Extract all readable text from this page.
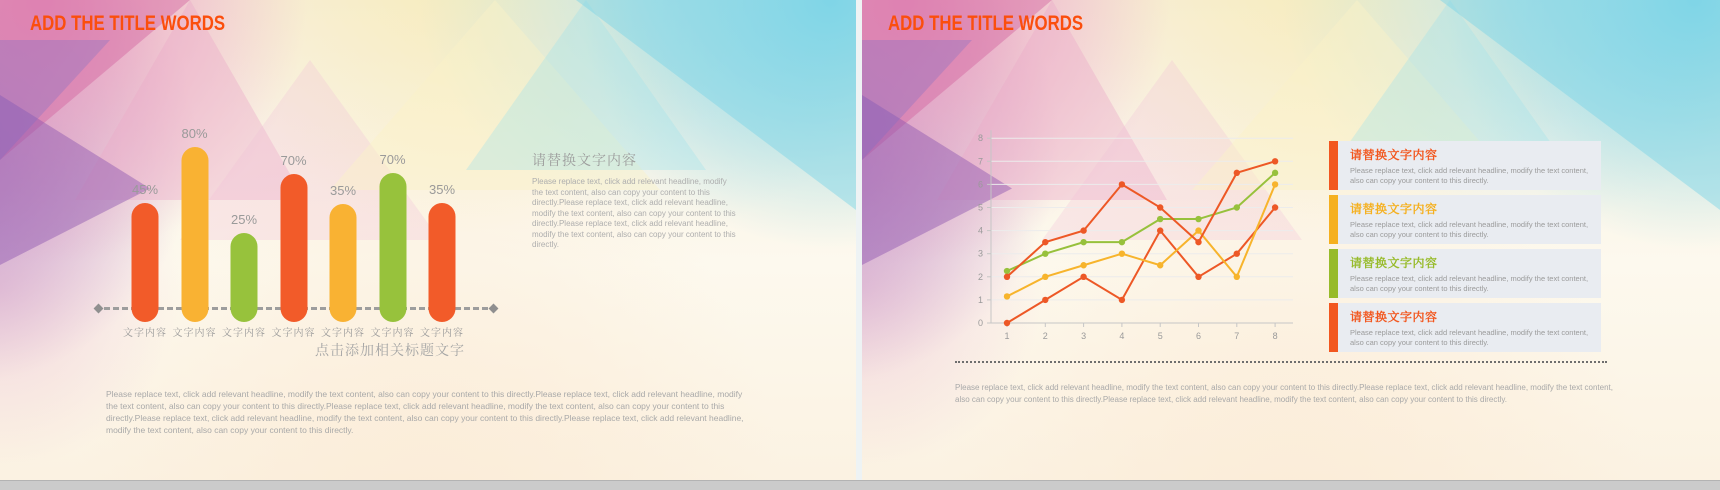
ADD THE TITLE WORDS
45%
文字内容
80%
文字内容
25%
文字内容
70%
文字内容
35%
文字内容
70%
文字内容
35%
文字内容
点击添加相关标题文字
请替换文字内容
Please replace text, click add relevant headline, modify the text content, also can copy your content to this directly.Please replace text, click add relevant headline, modify the text content, also can copy your content to this directly.Please replace text, click add relevant headline, modify the text content, also can copy your content to this directly.

Please replace text, click add relevant headline, modify the text content, also can copy your content to this directly.Please replace text, click add relevant headline, modify the text content, also can copy your content to this directly.Please replace text, click add relevant headline, modify the text content, also can copy your content to this directly.Please replace text, click add relevant headline, modify the text content, also can copy your content to this directly.Please replace text, click add relevant headline, modify the text content, also can copy your content to this directly.

ADD THE TITLE WORDS
0
1
2
3
4
5
6
7
8
1	2	3	4	5	6	7	8
请替换文字内容
Please replace text, click add relevant headline, modify the text content, also can copy your content to this directly.
请替换文字内容
Please replace text, click add relevant headline, modify the text content, also can copy your content to this directly.
请替换文字内容
Please replace text, click add relevant headline, modify the text content, also can copy your content to this directly.
请替换文字内容
Please replace text, click add relevant headline, modify the text content, also can copy your content to this directly.

Please replace text, click add relevant headline, modify the text content, also can copy your content to this directly.Please replace text, click add relevant headline, modify the text content, also can copy your content to this directly.Please replace text, click add relevant headline, modify the text content, also can copy your content to this directly.
